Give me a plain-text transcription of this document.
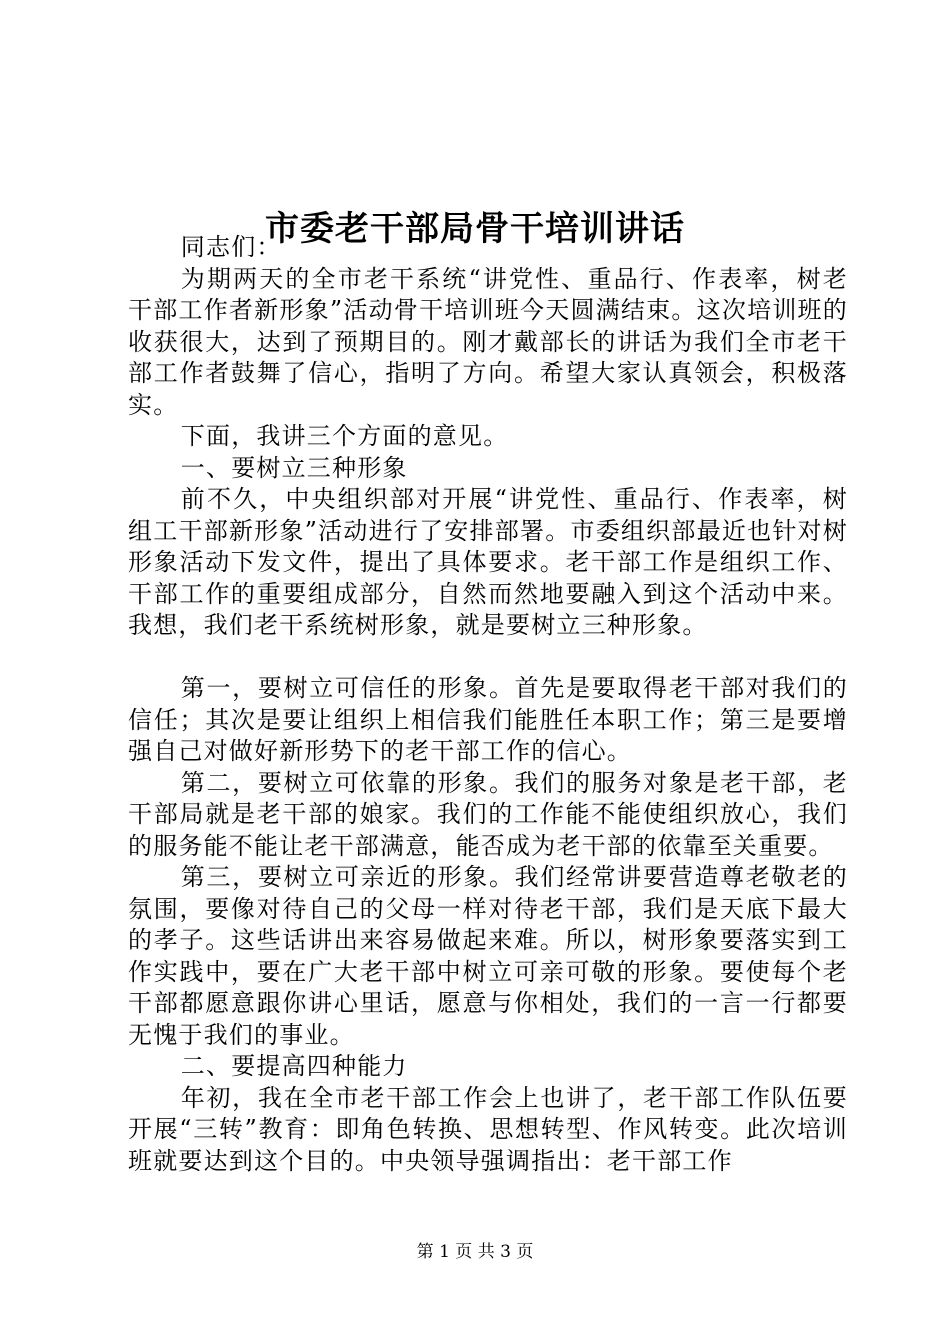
市委老干部局骨干培训讲话

同志们：

为期两天的全市老干系统“讲党性、重品行、作表率，树老干部工作者新形象”活动骨干培训班今天圆满结束。这次培训班的收获很大，达到了预期目的。刚才戴部长的讲话为我们全市老干部工作者鼓舞了信心，指明了方向。希望大家认真领会，积极落实。

下面，我讲三个方面的意见。

一、要树立三种形象

前不久，中央组织部对开展“讲党性、重品行、作表率，树组工干部新形象”活动进行了安排部署。市委组织部最近也针对树形象活动下发文件，提出了具体要求。老干部工作是组织工作、干部工作的重要组成部分，自然而然地要融入到这个活动中来。我想，我们老干系统树形象，就是要树立三种形象。

第一，要树立可信任的形象。首先是要取得老干部对我们的信任；其次是要让组织上相信我们能胜任本职工作；第三是要增强自己对做好新形势下的老干部工作的信心。

第二，要树立可依靠的形象。我们的服务对象是老干部，老干部局就是老干部的娘家。我们的工作能不能使组织放心，我们的服务能不能让老干部满意，能否成为老干部的依靠至关重要。

第三，要树立可亲近的形象。我们经常讲要营造尊老敬老的氛围，要像对待自己的父母一样对待老干部，我们是天底下最大的孝子。这些话讲出来容易做起来难。所以，树形象要落实到工作实践中，要在广大老干部中树立可亲可敬的形象。要使每个老干部都愿意跟你讲心里话，愿意与你相处，我们的一言一行都要无愧于我们的事业。

二、要提高四种能力

年初，我在全市老干部工作会上也讲了，老干部工作队伍要开展“三转”教育：即角色转换、思想转型、作风转变。此次培训班就要达到这个目的。中央领导强调指出：老干部工作

第 1 页 共 3 页
